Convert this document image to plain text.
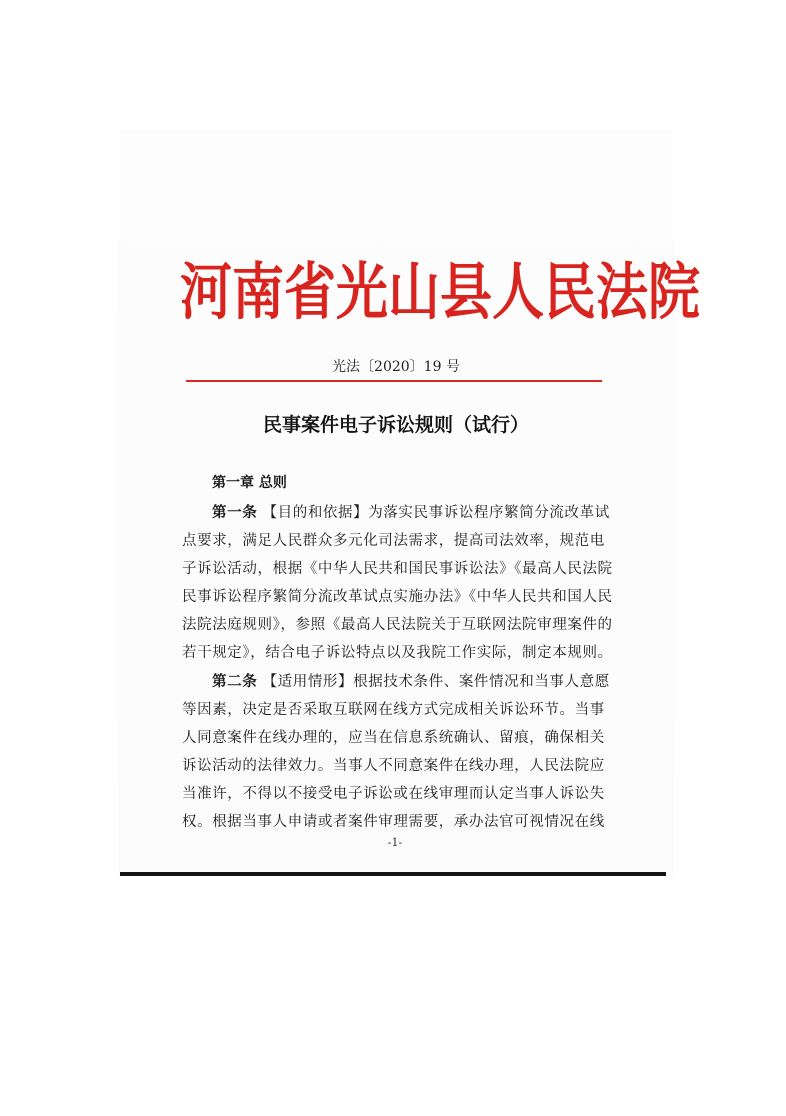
河南省光山县人民法院
光法〔2020〕19 号
民事案件电子诉讼规则（试行）
第一章 总则
第一条 【目的和依据】为落实民事诉讼程序繁简分流改革试
点要求，满足人民群众多元化司法需求，提高司法效率，规范电
子诉讼活动，根据《中华人民共和国民事诉讼法》《最高人民法院
民事诉讼程序繁简分流改革试点实施办法》《中华人民共和国人民
法院法庭规则》，参照《最高人民法院关于互联网法院审理案件的
若干规定》，结合电子诉讼特点以及我院工作实际，制定本规则。
第二条 【适用情形】根据技术条件、案件情况和当事人意愿
等因素，决定是否采取互联网在线方式完成相关诉讼环节。当事
人同意案件在线办理的，应当在信息系统确认、留痕，确保相关
诉讼活动的法律效力。当事人不同意案件在线办理，人民法院应
当准许，不得以不接受电子诉讼或在线审理而认定当事人诉讼失
权。根据当事人申请或者案件审理需要，承办法官可视情况在线
-1-
